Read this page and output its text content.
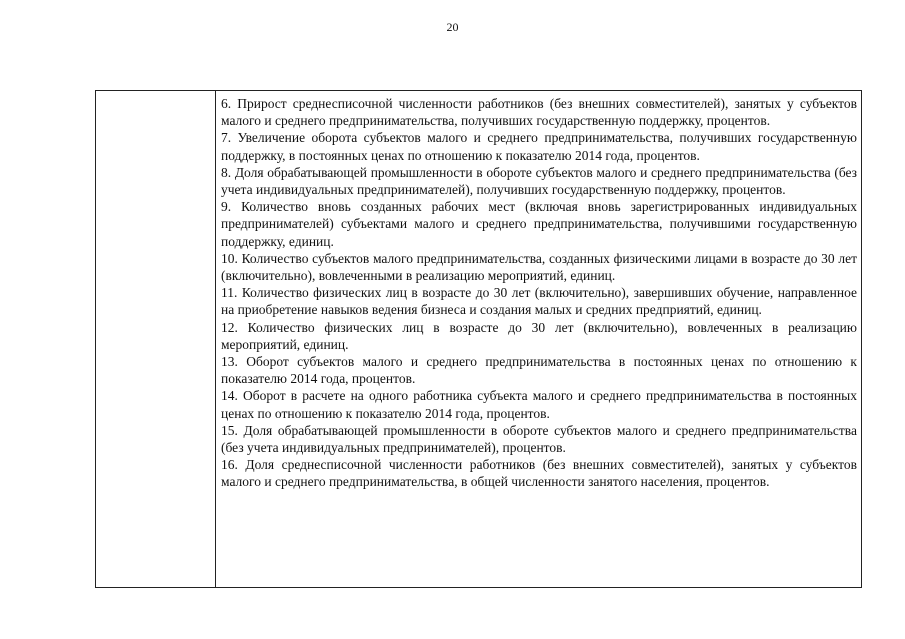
20

6. Прирост среднесписочной численности работников (без внешних совместителей), занятых у субъектов малого и среднего предпринимательства, получивших государственную поддержку, процентов.

7. Увеличение оборота субъектов малого и среднего предпринимательства, получивших государственную поддержку, в постоянных ценах по отношению к показателю 2014 года, процентов.

8. Доля обрабатывающей промышленности в обороте субъектов малого и среднего предпринимательства (без учета индивидуальных предпринимателей), получивших государственную поддержку, процентов.

9. Количество вновь созданных рабочих мест (включая вновь зарегистрированных индивидуальных предпринимателей) субъектами малого и среднего предпринимательства, получившими государственную поддержку, единиц.

10. Количество субъектов малого предпринимательства, созданных физическими лицами в возрасте до 30 лет (включительно), вовлеченными в реализацию мероприятий, единиц.

11. Количество физических лиц в возрасте до 30 лет (включительно), завершивших обучение, направленное на приобретение навыков ведения бизнеса и создания малых и средних предприятий, единиц.

12. Количество физических лиц в возрасте до 30 лет (включительно), вовлеченных в реализацию мероприятий, единиц.

13. Оборот субъектов малого и среднего предпринимательства в постоянных ценах по отношению к показателю 2014 года, процентов.

14. Оборот в расчете на одного работника субъекта малого и среднего предпринимательства в постоянных ценах по отношению к показателю 2014 года, процентов.

15. Доля обрабатывающей промышленности в обороте субъектов малого и среднего предпринимательства (без учета индивидуальных предпринимателей), процентов.

16. Доля среднесписочной численности работников (без внешних совместителей), занятых у субъектов малого и среднего предпринимательства, в общей численности занятого населения, процентов.
